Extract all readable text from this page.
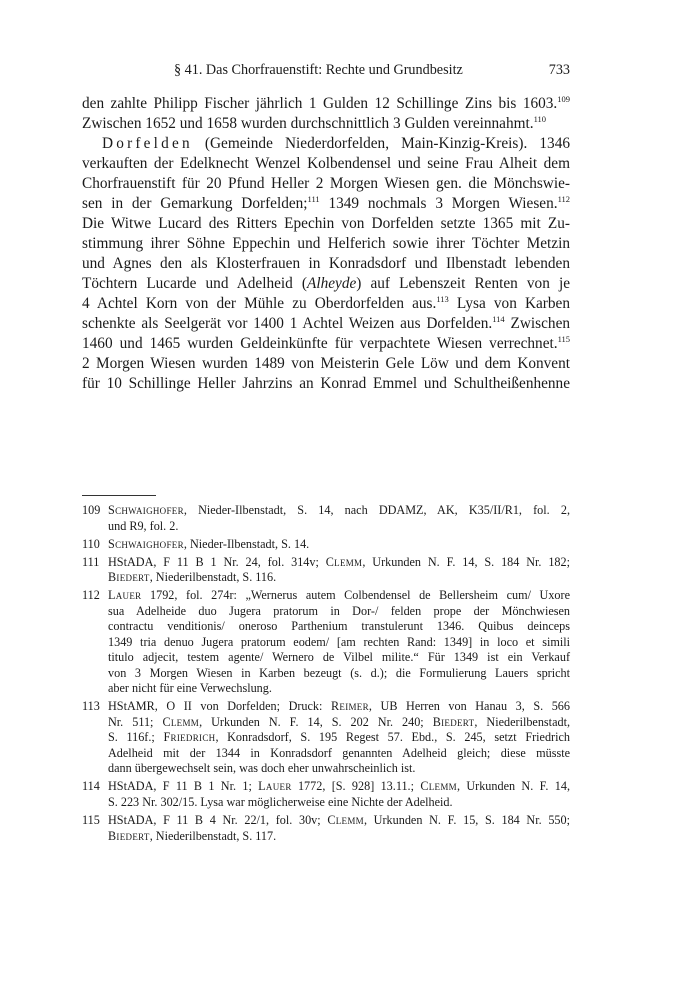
§ 41. Das Chorfrauenstift: Rechte und Grundbesitz	733
den zahlte Philipp Fischer jährlich 1 Gulden 12 Schillinge Zins bis 1603.$^{109}$
Zwischen 1652 und 1658 wurden durchschnittlich 3 Gulden vereinnahmt.$^{110}$
Dorfelden (Gemeinde Niederdorfelden, Main-Kinzig-Kreis). 1346
verkauften der Edelknecht Wenzel Kolbendensel und seine Frau Alheit dem
Chorfrauenstift für 20 Pfund Heller 2 Morgen Wiesen gen. die Mönchswie-
sen in der Gemarkung Dorfelden;$^{111}$ 1349 nochmals 3 Morgen Wiesen.$^{112}$
Die Witwe Lucard des Ritters Epechin von Dorfelden setzte 1365 mit Zu-
stimmung ihrer Söhne Eppechin und Helferich sowie ihrer Töchter Metzin
und Agnes den als Klosterfrauen in Konradsdorf und Ilbenstadt lebenden
Töchtern Lucarde und Adelheid (Alheyde) auf Lebenszeit Renten von je
4 Achtel Korn von der Mühle zu Oberdorfelden aus.$^{113}$ Lysa von Karben
schenkte als Seelgerät vor 1400 1 Achtel Weizen aus Dorfelden.$^{114}$ Zwischen
1460 und 1465 wurden Geldeinkünfte für verpachtete Wiesen verrechnet.$^{115}$
2 Morgen Wiesen wurden 1489 von Meisterin Gele Löw und dem Konvent
für 10 Schillinge Heller Jahrzins an Konrad Emmel und Schultheißenhenne
109 Schwaighofer, Nieder-Ilbenstadt, S. 14, nach DDAMZ, AK, K35/II/R1, fol. 2,
und R9, fol. 2.
110 Schwaighofer, Nieder-Ilbenstadt, S. 14.
111 HStADA, F 11 B 1 Nr. 24, fol. 314v; Clemm, Urkunden N. F. 14, S. 184 Nr. 182;
Biedert, Niederilbenstadt, S. 116.
112 Lauer 1792, fol. 274r: „Wernerus autem Colbendensel de Bellersheim cum/ Uxore
sua Adelheide duo Jugera pratorum in Dor-/ felden prope der Mönchwiesen
contractu venditionis/ oneroso Parthenium transtulerunt 1346. Quibus deinceps
1349 tria denuo Jugera pratorum eodem/ [am rechten Rand: 1349] in loco et simili
titulo adjecit, testem agente/ Wernero de Vilbel milite.“ Für 1349 ist ein Verkauf
von 3 Morgen Wiesen in Karben bezeugt (s. d.); die Formulierung Lauers spricht
aber nicht für eine Verwechslung.
113 HStAMR, O II von Dorfelden; Druck: Reimer, UB Herren von Hanau 3, S. 566
Nr. 511; Clemm, Urkunden N. F. 14, S. 202 Nr. 240; Biedert, Niederilbenstadt,
S. 116f.; Friedrich, Konradsdorf, S. 195 Regest 57. Ebd., S. 245, setzt Friedrich
Adelheid mit der 1344 in Konradsdorf genannten Adelheid gleich; diese müsste
dann übergewechselt sein, was doch eher unwahrscheinlich ist.
114 HStADA, F 11 B 1 Nr. 1; Lauer 1772, [S. 928] 13.11.; Clemm, Urkunden N. F. 14,
S. 223 Nr. 302/15. Lysa war möglicherweise eine Nichte der Adelheid.
115 HStADA, F 11 B 4 Nr. 22/1, fol. 30v; Clemm, Urkunden N. F. 15, S. 184 Nr. 550;
Biedert, Niederilbenstadt, S. 117.
